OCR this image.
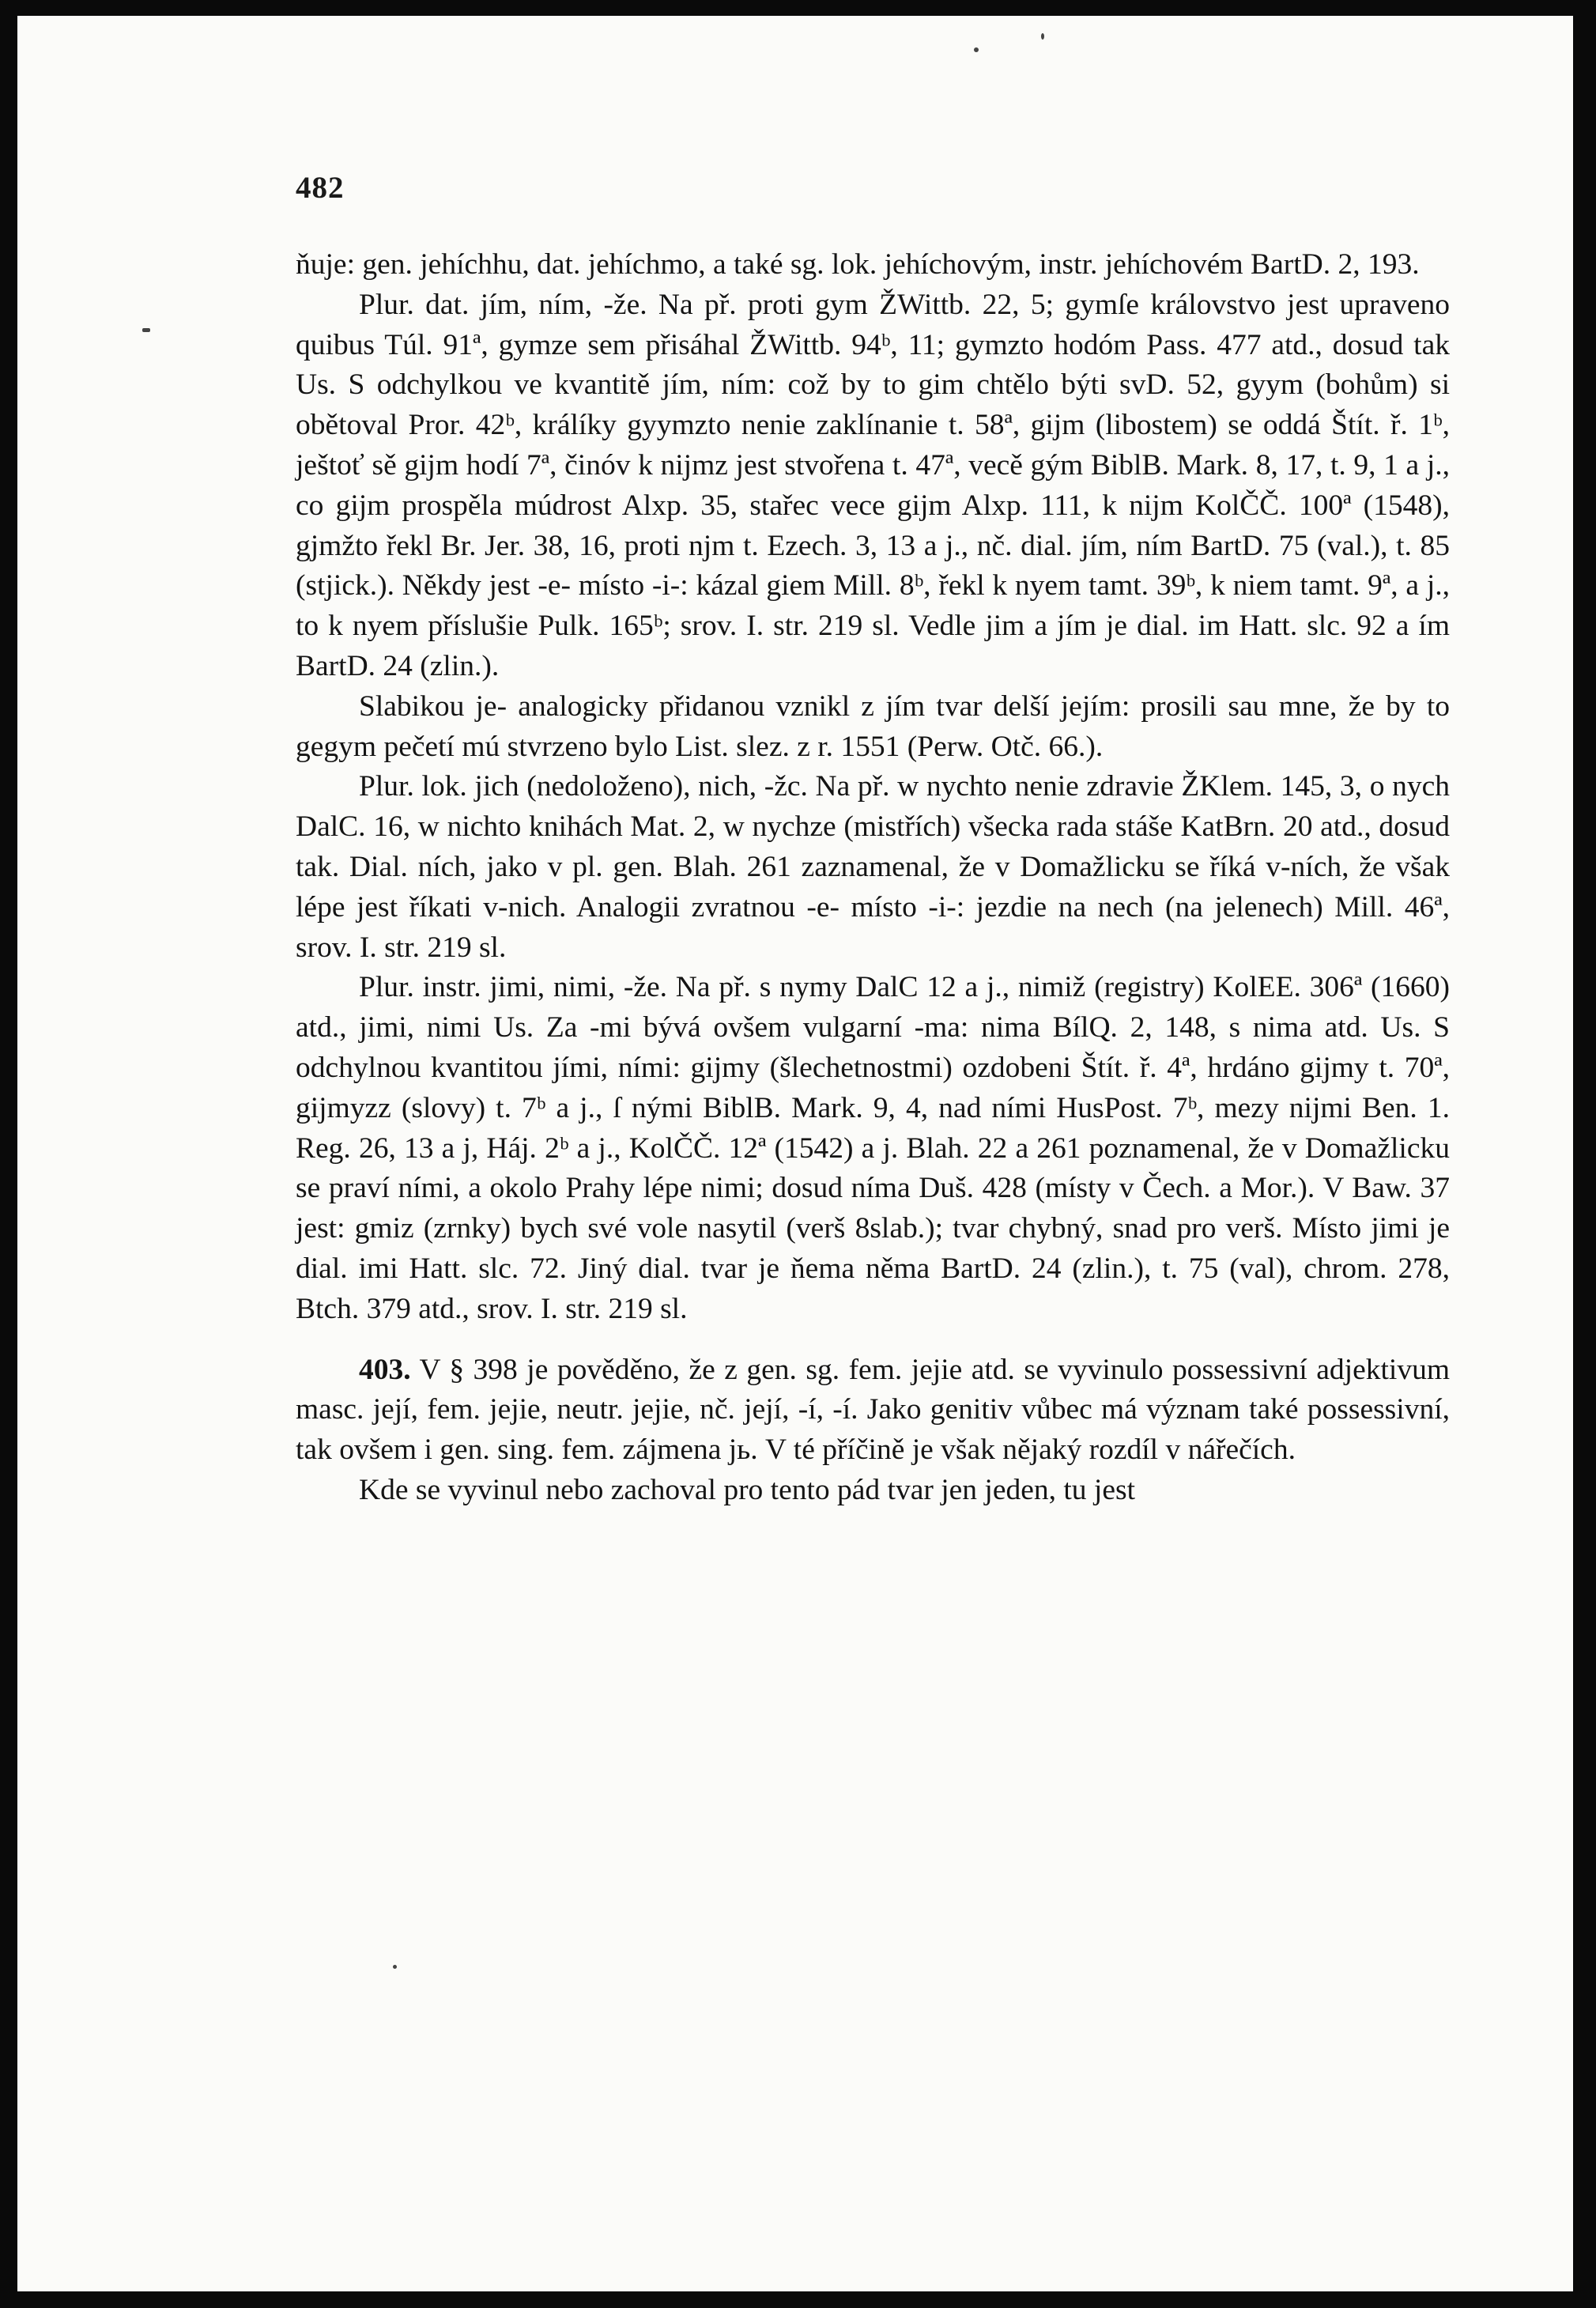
482

ňuje: gen. jehíchhu, dat. jehíchmo, a také sg. lok. jehíchovým, instr. jehíchovém BartD. 2, 193.

Plur. dat. jím, ním, -že. Na př. proti gym ŽWittb. 22, 5; gymſe královstvo jest upraveno quibus Túl. 91ª, gymze sem přisáhal ŽWittb. 94ᵇ, 11; gymzto hodóm Pass. 477 atd., dosud tak Us. S odchylkou ve kvantitě jím, ním: což by to gim chtělo býti svD. 52, gyym (bohům) si obětoval Pror. 42ᵇ, králíky gyymzto nenie zaklínanie t. 58ª, gijm (libostem) se oddá Štít. ř. 1ᵇ, ještoť sě gijm hodí 7ª, činóv k nijmz jest stvořena t. 47ª, vecě gým BiblB. Mark. 8, 17, t. 9, 1 a j., co gijm prospěla múdrost Alxp. 35, stařec vece gijm Alxp. 111, k nijm KolČČ. 100ª (1548), gjmžto řekl Br. Jer. 38, 16, proti njm t. Ezech. 3, 13 a j., nč. dial. jím, ním BartD. 75 (val.), t. 85 (stjick.). Někdy jest -e- místo -i-: kázal giem Mill. 8ᵇ, řekl k nyem tamt. 39ᵇ, k niem tamt. 9ª, a j., to k nyem příslušie Pulk. 165ᵇ; srov. I. str. 219 sl. Vedle jim a jím je dial. im Hatt. slc. 92 a ím BartD. 24 (zlin.).

Slabikou je- analogicky přidanou vznikl z jím tvar delší jejím: prosili sau mne, že by to gegym pečetí mú stvrzeno bylo List. slez. z r. 1551 (Perw. Otč. 66.).

Plur. lok. jich (nedoloženo), nich, -žc. Na př. w nychto nenie zdravie ŽKlem. 145, 3, o nych DalC. 16, w nichto knihách Mat. 2, w nychze (mistřích) všecka rada stáše KatBrn. 20 atd., dosud tak. Dial. ních, jako v pl. gen. Blah. 261 zaznamenal, že v Domažlicku se říká v-ních, že však lépe jest říkati v-nich. Analogii zvratnou -e- místo -i-: jezdie na nech (na jelenech) Mill. 46ª, srov. I. str. 219 sl.

Plur. instr. jimi, nimi, -že. Na př. s nymy DalC 12 a j., nimiž (registry) KolEE. 306ª (1660) atd., jimi, nimi Us. Za -mi bývá ovšem vulgarní -ma: nima BílQ. 2, 148, s nima atd. Us. S odchylnou kvantitou jími, ními: gijmy (šlechetnostmi) ozdobeni Štít. ř. 4ª, hrdáno gijmy t. 70ª, gijmyzz (slovy) t. 7ᵇ a j., ſ nými BiblB. Mark. 9, 4, nad ními HusPost. 7ᵇ, mezy nijmi Ben. 1. Reg. 26, 13 a j, Háj. 2ᵇ a j., KolČČ. 12ª (1542) a j. Blah. 22 a 261 poznamenal, že v Domažlicku se praví ními, a okolo Prahy lépe nimi; dosud níma Duš. 428 (místy v Čech. a Mor.). V Baw. 37 jest: gmiz (zrnky) bych své vole nasytil (verš 8slab.); tvar chybný, snad pro verš. Místo jimi je dial. imi Hatt. slc. 72. Jiný dial. tvar je ňema něma BartD. 24 (zlin.), t. 75 (val), chrom. 278, Btch. 379 atd., srov. I. str. 219 sl.

403. V § 398 je pověděno, že z gen. sg. fem. jejie atd. se vyvinulo possessivní adjektivum masc. její, fem. jejie, neutr. jejie, nč. její, -í, -í. Jako genitiv vůbec má význam také possessivní, tak ovšem i gen. sing. fem. zájmena jь. V té příčině je však nějaký rozdíl v nářečích.

Kde se vyvinul nebo zachoval pro tento pád tvar jen jeden, tu jest
